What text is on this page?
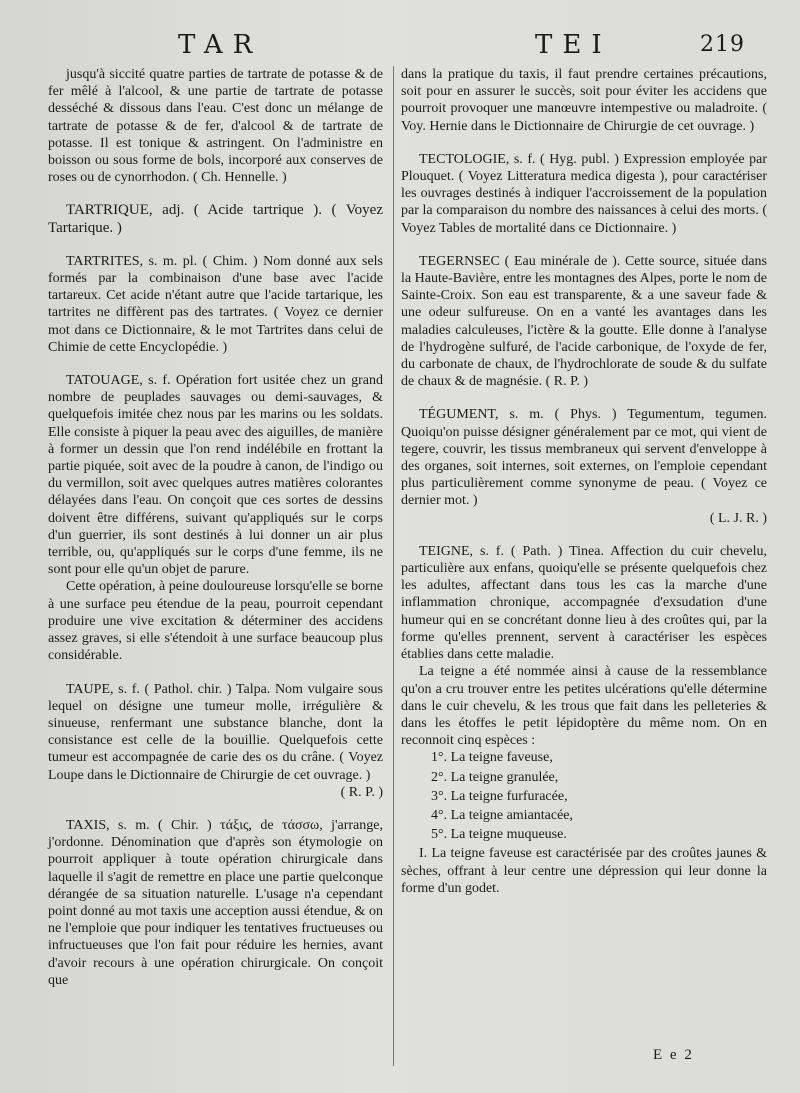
TAR	TEI	219

jusqu'à siccité quatre parties de tartrate de potasse & de fer mêlé à l'alcool, & une partie de tartrate de potasse desséché & dissous dans l'eau. C'est donc un mélange de tartrate de potasse & de fer, d'alcool & de tartrate de potasse. Il est tonique & astringent. On l'administre en boisson ou sous forme de bols, incorporé aux conserves de roses ou de cynorrhodon. ( Ch. Hennelle. )

TARTRIQUE, adj. ( Acide tartrique ). ( Voyez Tartarique. )

TARTRITES, s. m. pl. ( Chim. ) Nom donné aux sels formés par la combinaison d'une base avec l'acide tartareux. Cet acide n'étant autre que l'acide tartarique, les tartrites ne diffèrent pas des tartrates. ( Voyez ce dernier mot dans ce Dictionnaire, & le mot Tartrites dans celui de Chimie de cette Encyclopédie. )

TATOUAGE, s. f. Opération fort usitée chez un grand nombre de peuplades sauvages ou demi-sauvages, & quelquefois imitée chez nous par les marins ou les soldats. Elle consiste à piquer la peau avec des aiguilles, de manière à former un dessin que l'on rend indélébile en frottant la partie piquée, soit avec de la poudre à canon, de l'indigo ou du vermillon, soit avec quelques autres matières colorantes délayées dans l'eau. On conçoit que ces sortes de dessins doivent être différens, suivant qu'appliqués sur le corps d'un guerrier, ils sont destinés à lui donner un air plus terrible, ou, qu'appliqués sur le corps d'une femme, ils ne sont pour elle qu'un objet de parure.

Cette opération, à peine douloureuse lorsqu'elle se borne à une surface peu étendue de la peau, pourroit cependant produire une vive excitation & déterminer des accidens assez graves, si elle s'étendoit à une surface beaucoup plus considérable.

TAUPE, s. f. ( Pathol. chir. ) Talpa. Nom vulgaire sous lequel on désigne une tumeur molle, irrégulière & sinueuse, renfermant une substance blanche, dont la consistance est celle de la bouillie. Quelquefois cette tumeur est accompagnée de carie des os du crâne. ( Voyez Loupe dans le Dictionnaire de Chirurgie de cet ouvrage. )

( R. P. )

TAXIS, s. m. ( Chir. ) τάξις, de τάσσω, j'arrange, j'ordonne. Dénomination que d'après son étymologie on pourroit appliquer à toute opération chirurgicale dans laquelle il s'agit de remettre en place une partie quelconque dérangée de sa situation naturelle. L'usage n'a cependant point donné au mot taxis une acception aussi étendue, & on ne l'emploie que pour indiquer les tentatives fructueuses ou infructueuses que l'on fait pour réduire les hernies, avant d'avoir recours à une opération chirurgicale. On conçoit que

dans la pratique du taxis, il faut prendre certaines précautions, soit pour en assurer le succès, soit pour éviter les accidens que pourroit provoquer une manœuvre intempestive ou maladroite. ( Voy. Hernie dans le Dictionnaire de Chirurgie de cet ouvrage. )

TECTOLOGIE, s. f. ( Hyg. publ. ) Expression employée par Plouquet. ( Voyez Litteratura medica digesta ), pour caractériser les ouvrages destinés à indiquer l'accroissement de la population par la comparaison du nombre des naissances à celui des morts. ( Voyez Tables de mortalité dans ce Dictionnaire. )

TEGERNSEC ( Eau minérale de ). Cette source, située dans la Haute-Bavière, entre les montagnes des Alpes, porte le nom de Sainte-Croix. Son eau est transparente, & a une saveur fade & une odeur sulfureuse. On en a vanté les avantages dans les maladies calculeuses, l'ictère & la goutte. Elle donne à l'analyse de l'hydrogène sulfuré, de l'acide carbonique, de l'oxyde de fer, du carbonate de chaux, de l'hydrochlorate de soude & du sulfate de chaux & de magnésie. ( R. P. )

TÉGUMENT, s. m. ( Phys. ) Tegumentum, tegumen. Quoiqu'on puisse désigner généralement par ce mot, qui vient de tegere, couvrir, les tissus membraneux qui servent d'enveloppe à des organes, soit internes, soit externes, on l'emploie cependant plus particulièrement comme synonyme de peau. ( Voyez ce dernier mot. )

( L. J. R. )

TEIGNE, s. f. ( Path. ) Tinea. Affection du cuir chevelu, particulière aux enfans, quoiqu'elle se présente quelquefois chez les adultes, affectant dans tous les cas la marche d'une inflammation chronique, accompagnée d'exsudation d'une humeur qui en se concrétant donne lieu à des croûtes qui, par la forme qu'elles prennent, servent à caractériser les espèces établies dans cette maladie.

La teigne a été nommée ainsi à cause de la ressemblance qu'on a cru trouver entre les petites ulcérations qu'elle détermine dans le cuir chevelu, & les trous que fait dans les pelleteries & dans les étoffes le petit lépidoptère du même nom. On en reconnoit cinq espèces :

1°. La teigne faveuse,

2°. La teigne granulée,

3°. La teigne furfuracée,

4°. La teigne amiantacée,

5°. La teigne muqueuse.

I. La teigne faveuse est caractérisée par des croûtes jaunes & sèches, offrant à leur centre une dépression qui leur donne la forme d'un godet.

E e 2
